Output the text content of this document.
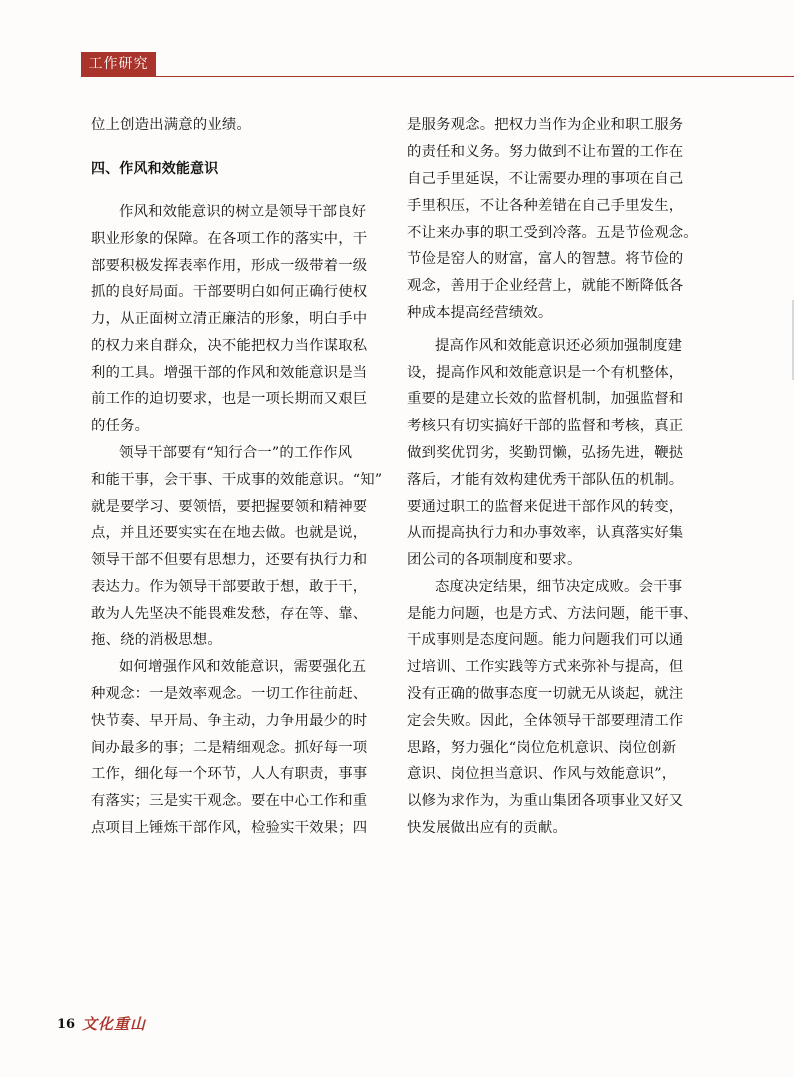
工作研究
位上创造出满意的业绩。
四、作风和效能意识
作风和效能意识的树立是领导干部良好
职业形象的保障。在各项工作的落实中，干
部要积极发挥表率作用，形成一级带着一级
抓的良好局面。干部要明白如何正确行使权
力，从正面树立清正廉洁的形象，明白手中
的权力来自群众，决不能把权力当作谋取私
利的工具。增强干部的作风和效能意识是当
前工作的迫切要求，也是一项长期而又艰巨
的任务。
领导干部要有“知行合一”的工作作风
和能干事，会干事、干成事的效能意识。“知”
就是要学习、要领悟，要把握要领和精神要
点，并且还要实实在在地去做。也就是说，
领导干部不但要有思想力，还要有执行力和
表达力。作为领导干部要敢于想，敢于干，
敢为人先坚决不能畏难发愁，存在等、靠、
拖、绕的消极思想。
如何增强作风和效能意识，需要强化五
种观念：一是效率观念。一切工作往前赶、
快节奏、早开局、争主动，力争用最少的时
间办最多的事；二是精细观念。抓好每一项
工作，细化每一个环节，人人有职责，事事
有落实；三是实干观念。要在中心工作和重
点项目上锤炼干部作风，检验实干效果；四
是服务观念。把权力当作为企业和职工服务
的责任和义务。努力做到不让布置的工作在
自己手里延误，不让需要办理的事项在自己
手里积压，不让各种差错在自己手里发生，
不让来办事的职工受到冷落。五是节俭观念。
节俭是窑人的财富，富人的智慧。将节俭的
观念，善用于企业经营上，就能不断降低各
种成本提高经营绩效。
提高作风和效能意识还必须加强制度建
设，提高作风和效能意识是一个有机整体，
重要的是建立长效的监督机制，加强监督和
考核只有切实搞好干部的监督和考核，真正
做到奖优罚劣，奖勤罚懒，弘扬先进，鞭挞
落后，才能有效构建优秀干部队伍的机制。
要通过职工的监督来促进干部作风的转变，
从而提高执行力和办事效率，认真落实好集
团公司的各项制度和要求。
态度决定结果，细节决定成败。会干事
是能力问题，也是方式、方法问题，能干事、
干成事则是态度问题。能力问题我们可以通
过培训、工作实践等方式来弥补与提高，但
没有正确的做事态度一切就无从谈起，就注
定会失败。因此，全体领导干部要理清工作
思路，努力强化“岗位危机意识、岗位创新
意识、岗位担当意识、作风与效能意识”，
以修为求作为，为重山集团各项事业又好又
快发展做出应有的贡献。
16 文化重山
